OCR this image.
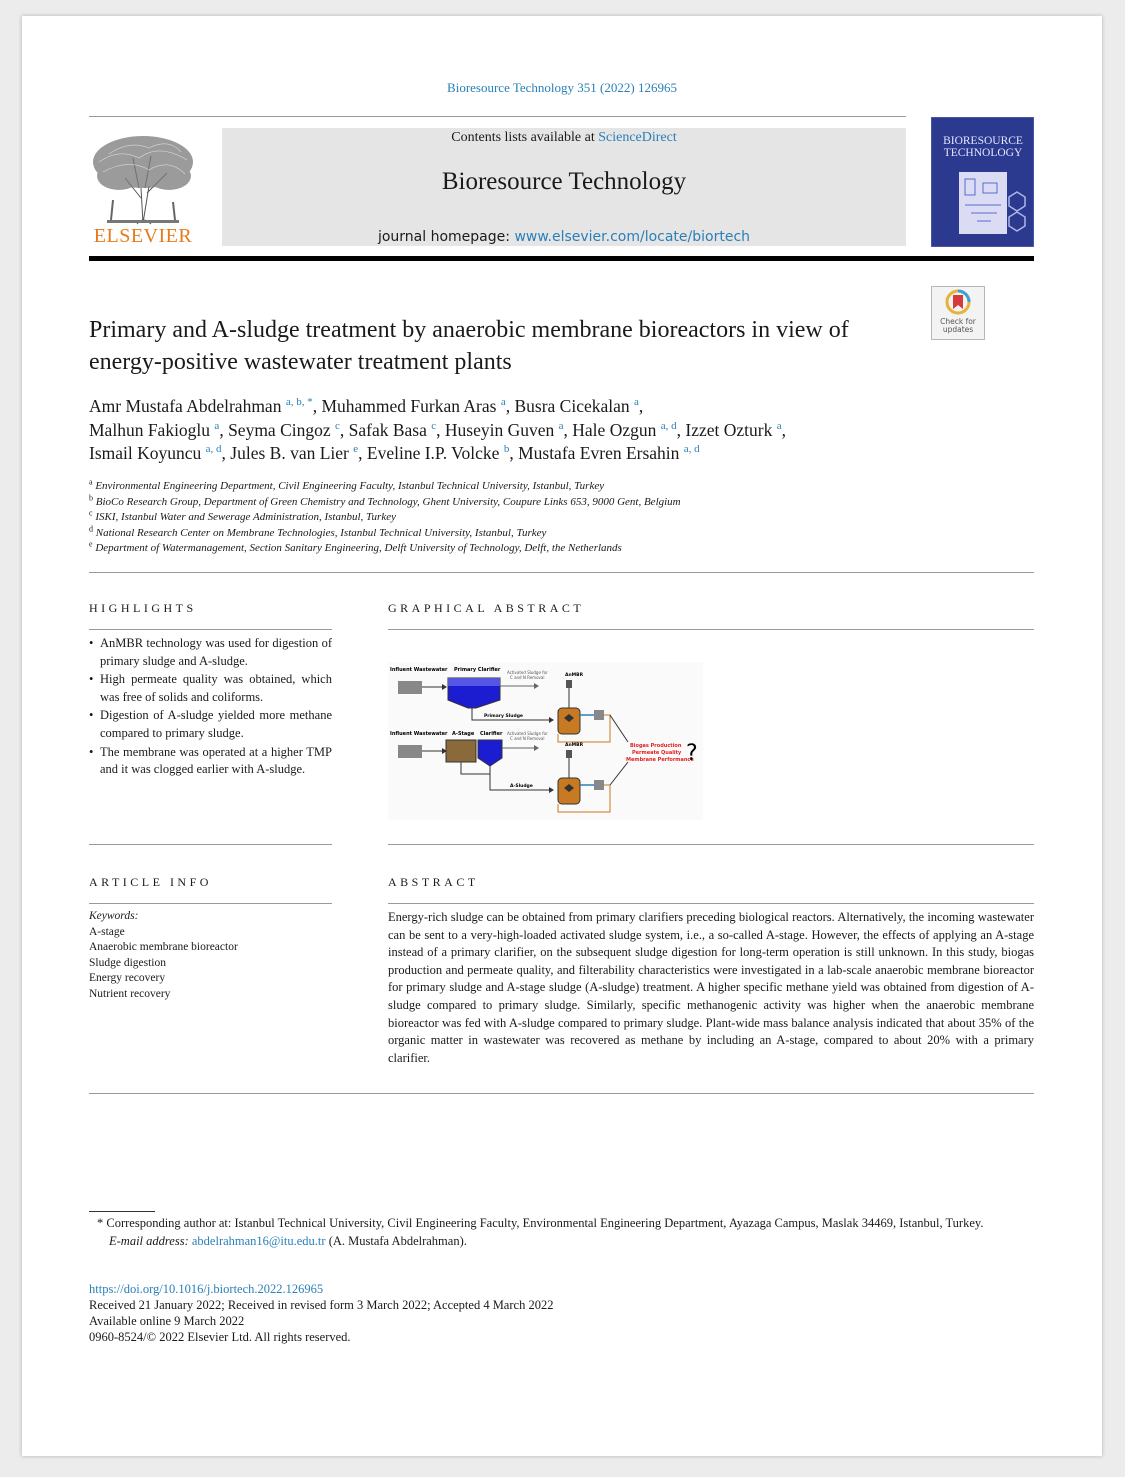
Bioresource Technology 351 (2022) 126965
ELSEVIER
Contents lists available at ScienceDirect
Bioresource Technology
journal homepage: www.elsevier.com/locate/biortech
BIORESOURCE TECHNOLOGY
Check for updates
Primary and A-sludge treatment by anaerobic membrane bioreactors in view of energy-positive wastewater treatment plants
Amr Mustafa Abdelrahman $^{a, b, *}$, Muhammed Furkan Aras $^a$, Busra Cicekalan $^a$,
Malhun Fakioglu $^a$, Seyma Cingoz $^c$, Safak Basa $^c$, Huseyin Guven $^a$, Hale Ozgun $^{a, d}$, Izzet Ozturk $^a$,
Ismail Koyuncu $^{a, d}$, Jules B. van Lier $^e$, Eveline I.P. Volcke $^b$, Mustafa Evren Ersahin $^{a, d}$
$^a$ Environmental Engineering Department, Civil Engineering Faculty, Istanbul Technical University, Istanbul, Turkey
$^b$ BioCo Research Group, Department of Green Chemistry and Technology, Ghent University, Coupure Links 653, 9000 Gent, Belgium
$^c$ ISKI, Istanbul Water and Sewerage Administration, Istanbul, Turkey
$^d$ National Research Center on Membrane Technologies, Istanbul Technical University, Istanbul, Turkey
$^e$ Department of Watermanagement, Section Sanitary Engineering, Delft University of Technology, Delft, the Netherlands
HIGHLIGHTS
• AnMBR technology was used for digestion of primary sludge and A-sludge.
• High permeate quality was obtained, which was free of solids and coliforms.
• Digestion of A-sludge yielded more methane compared to primary sludge.
• The membrane was operated at a higher TMP and it was clogged earlier with A-sludge.
GRAPHICAL ABSTRACT
Influent Wastewater Primary Clarifier Activated Sludge for
C and N Removal	AnMBR
Primary Sludge
Influent Wastewater A-Stage Clarifier Activated Sludge for
C and N Removal
AnMBR
A-Sludge
Biogas Production
Permeate Quality
Membrane Performance
?
ARTICLE INFO
Keywords:
A-stage
Anaerobic membrane bioreactor
Sludge digestion
Energy recovery
Nutrient recovery
ABSTRACT
Energy-rich sludge can be obtained from primary clarifiers preceding biological reactors. Alternatively, the incoming wastewater can be sent to a very-high-loaded activated sludge system, i.e., a so-called A-stage. However, the effects of applying an A-stage instead of a primary clarifier, on the subsequent sludge digestion for long-term operation is still unknown. In this study, biogas production and permeate quality, and filterability characteristics were investigated in a lab-scale anaerobic membrane bioreactor for primary sludge and A-stage sludge (A-sludge) treatment. A higher specific methane yield was obtained from digestion of A-sludge compared to primary sludge. Similarly, specific methanogenic activity was higher when the anaerobic membrane bioreactor was fed with A-sludge compared to primary sludge. Plant-wide mass balance analysis indicated that about 35% of the organic matter in wastewater was recovered as methane by including an A-stage, compared to about 20% with a primary clarifier.
* Corresponding author at: Istanbul Technical University, Civil Engineering Faculty, Environmental Engineering Department, Ayazaga Campus, Maslak 34469, Istanbul, Turkey.
E-mail address: abdelrahman16@itu.edu.tr (A. Mustafa Abdelrahman).
https://doi.org/10.1016/j.biortech.2022.126965
Received 21 January 2022; Received in revised form 3 March 2022; Accepted 4 March 2022
Available online 9 March 2022
0960-8524/© 2022 Elsevier Ltd. All rights reserved.
